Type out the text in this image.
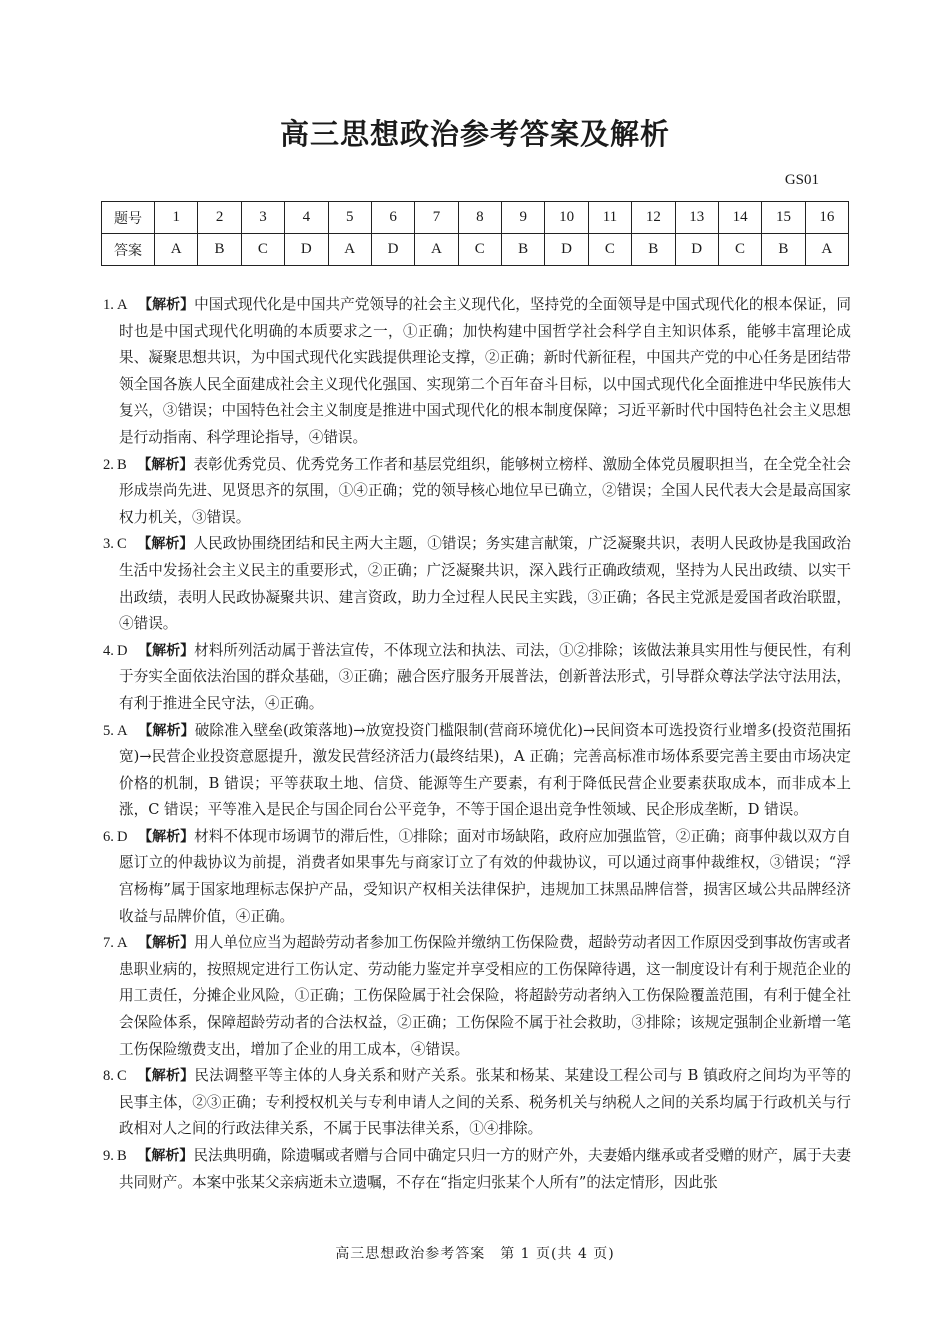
高三思想政治参考答案及解析
GS01
题号	1	2	3	4	5	6	7	8	9	10	11	12	13	14	15	16
答案	A	B	C	D	A	D	A	C	B	D	C	B	D	C	B	A
1. A 【解析】中国式现代化是中国共产党领导的社会主义现代化，坚持党的全面领导是中国式现代化的根本保证，同时也是中国式现代化明确的本质要求之一，①正确；加快构建中国哲学社会科学自主知识体系，能够丰富理论成果、凝聚思想共识，为中国式现代化实践提供理论支撑，②正确；新时代新征程，中国共产党的中心任务是团结带领全国各族人民全面建成社会主义现代化强国、实现第二个百年奋斗目标，以中国式现代化全面推进中华民族伟大复兴，③错误；中国特色社会主义制度是推进中国式现代化的根本制度保障；习近平新时代中国特色社会主义思想是行动指南、科学理论指导，④错误。
2. B 【解析】表彰优秀党员、优秀党务工作者和基层党组织，能够树立榜样、激励全体党员履职担当，在全党全社会形成崇尚先进、见贤思齐的氛围，①④正确；党的领导核心地位早已确立，②错误；全国人民代表大会是最高国家权力机关，③错误。
3. C 【解析】人民政协围绕团结和民主两大主题，①错误；务实建言献策，广泛凝聚共识，表明人民政协是我国政治生活中发扬社会主义民主的重要形式，②正确；广泛凝聚共识，深入践行正确政绩观，坚持为人民出政绩、以实干出政绩，表明人民政协凝聚共识、建言资政，助力全过程人民民主实践，③正确；各民主党派是爱国者政治联盟，④错误。
4. D 【解析】材料所列活动属于普法宣传，不体现立法和执法、司法，①②排除；该做法兼具实用性与便民性，有利于夯实全面依法治国的群众基础，③正确；融合医疗服务开展普法，创新普法形式，引导群众尊法学法守法用法，有利于推进全民守法，④正确。
5. A 【解析】破除准入壁垒(政策落地)→放宽投资门槛限制(营商环境优化)→民间资本可选投资行业增多(投资范围拓宽)→民营企业投资意愿提升，激发民营经济活力(最终结果)，A 正确；完善高标准市场体系要完善主要由市场决定价格的机制，B 错误；平等获取土地、信贷、能源等生产要素，有利于降低民营企业要素获取成本，而非成本上涨，C 错误；平等准入是民企与国企同台公平竞争，不等于国企退出竞争性领域、民企形成垄断，D 错误。
6. D 【解析】材料不体现市场调节的滞后性，①排除；面对市场缺陷，政府应加强监管，②正确；商事仲裁以双方自愿订立的仲裁协议为前提，消费者如果事先与商家订立了有效的仲裁协议，可以通过商事仲裁维权，③错误；“浮宫杨梅”属于国家地理标志保护产品，受知识产权相关法律保护，违规加工抹黑品牌信誉，损害区域公共品牌经济收益与品牌价值，④正确。
7. A 【解析】用人单位应当为超龄劳动者参加工伤保险并缴纳工伤保险费，超龄劳动者因工作原因受到事故伤害或者患职业病的，按照规定进行工伤认定、劳动能力鉴定并享受相应的工伤保障待遇，这一制度设计有利于规范企业的用工责任，分摊企业风险，①正确；工伤保险属于社会保险，将超龄劳动者纳入工伤保险覆盖范围，有利于健全社会保险体系，保障超龄劳动者的合法权益，②正确；工伤保险不属于社会救助，③排除；该规定强制企业新增一笔工伤保险缴费支出，增加了企业的用工成本，④错误。
8. C 【解析】民法调整平等主体的人身关系和财产关系。张某和杨某、某建设工程公司与 B 镇政府之间均为平等的民事主体，②③正确；专利授权机关与专利申请人之间的关系、税务机关与纳税人之间的关系均属于行政机关与行政相对人之间的行政法律关系，不属于民事法律关系，①④排除。
9. B 【解析】民法典明确，除遗嘱或者赠与合同中确定只归一方的财产外，夫妻婚内继承或者受赠的财产，属于夫妻共同财产。本案中张某父亲病逝未立遗嘱，不存在“指定归张某个人所有”的法定情形，因此张
高三思想政治参考答案　第 1 页(共 4 页)
